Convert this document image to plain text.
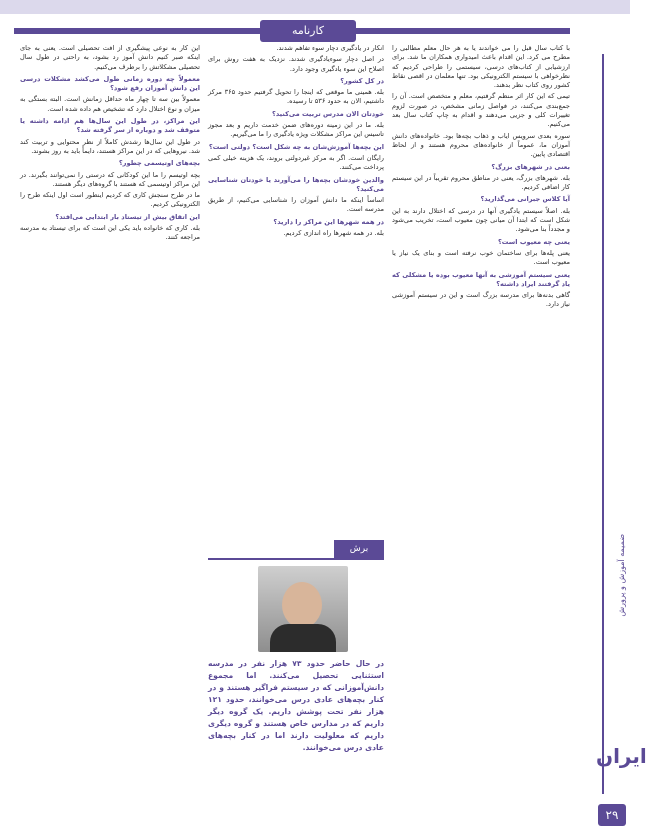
کارنامه
ضمیمه آموزش و پرورش
ایران
۲۹

با کتاب سال قبل را می خواندند یا به هر حال معلم مطالبی را مطرح می کرد. این اقدام باعث امیدواری همکاران ما شد. برای ارزشیابی از کتاب‌های درسی، سیستمی را طراحی کردیم که نظرخواهی با سیستم الکترونیکی بود. تنها معلمان در اقصی نقاط کشور روی کتاب نظر بدهند.

تیمی که این کار اثر منظم گرفتیم، معلم و متخصص است. آن را جمع‌بندی می‌کنند، در فواصل زمانی مشخص، در صورت لزوم تغییرات کلی و جزیی می‌دهند و اقدام به چاپ کتاب سال بعد می‌کنیم.

سوره بعدی سرویس ایاب و ذهاب بچه‌ها بود. خانواده‌های دانش آموزان ما، عموماً از خانواده‌های محروم هستند و از لحاظ اقتصادی پایین.

بعنی در شهرهای بزرگ؟

بله. شهرهای بزرگ، یعنی در مناطق محروم تقریباً در این سیستم کار اضافی کردیم.

آیا کلاس جبرانی می‌گذارید؟

بله. اصلاً سیستم یادگیری آنها در درسی که اختلال دارند به این شکل است که ابتدا آن میانی چون معیوب است، تخریب می‌شود و مجدداً بنا می‌شود.

یعنی چه معیوب است؟

یعنی پله‌ها برای ساختمان خوب نرفته است و بنای یک نیاز یا معیوب است.

یعنی سیستم آموزشی به آنها معیوب بوده یا مشکلی که یاد گرفتند ایراد داشته؟

گاهی بدنه‌ها برای مدرسه بزرگ است و این در سیستم آموزشی نیاز دارد.

انکار در یادگیری دچار سوء تفاهم شدند.

در اصل دچار سوءیادگیری شدند. نزدیک به هفت روش برای اصلاح این سوء یادگیری وجود دارد.

در کل کشور؟

بله. همینی ما موقعی که اینجا را تحویل گرفتیم حدود ۳۶۵ مرکز داشتیم، الان به حدود ۵۳۶ تا رسیده.

خودتان الان مدرس تربیت می‌کنید؟

بله. ما در این زمینه دوره‌های ضمن خدمت داریم و بعد مجوز تاسیس این مراکز مشکلات ویژه یادگیری را ما می‌گیریم.

این بچه‌ها آموزش‌شان به چه شکل است؟ دولتی است؟

رایگان است. اگر به مرکز غیردولتی بروند، یک هزینه خیلی کمی پرداخت می‌کنند.

والدین خودشان بچه‌ها را می‌آورند یا خودتان شناسایی می‌کنید؟

اساساً اینکه ما دانش آموزان را شناسایی می‌کنیم، از طریق مدرسه است.

در همه شهرها این مراکز را دارید؟

بله. در همه شهرها راه اندازی کردیم.

این کار به نوعی پیشگیری از افت تحصیلی است. یعنی به جای اینکه صبر کنیم دانش آموز رد بشود، به راحتی در طول سال تحصیلی مشکلاتش را برطرف می‌کنیم.

معمولاً چه دوره زمانی طول می‌کشد مشکلات درسی این دانش آموزان رفع شود؟

معمولاً بین سه تا چهار ماه حداقل زمانش است. البته بستگی به میزان و نوع اختلال دارد که تشخیص هم داده شده است.

این مراکز، در طول این سال‌ها هم ادامه داشته یا متوقف شد و دوباره از سر گرفته شد؟

در طول این سال‌ها رشدش کاملاً از نظر محتوایی و تربیت کند شد. نیروهایی که در این مراکز هستند، دایماً باید به روز بشوند.

بچه‌های اوتیسمی چطور؟

بچه اوتیسم را ما این کودکانی که درستی را نمی‌توانند بگیرند. در این مراکز اوتیسمی که هستند با گروه‌های دیگر هستند.

ما در طرح سنجش کاری که کردیم اینطور است اول اینکه طرح را الکترونیکی کردیم.

این اتفاق بیش از تیستاد بار ابتدایی می‌افتد؟

بله. کاری که خانواده باید یکی این است که برای تیستاد به مدرسه مراجعه کنند.

برش
در حال حاضر حدود ۷۳ هزار نفر در مدرسه استثنایی تحصیل می‌کنند. اما مجموع دانش‌آموزانی که در سیستم فراگیر هستند و در کنار بچه‌های عادی درس می‌خوانند، حدود ۱۲۱ هزار نفر تحت پوشش داریم. یک گروه دیگر داریم که در مدارس خاص هستند و گروه دیگری داریم که معلولیت دارند اما در کنار بچه‌های عادی درس می‌خوانند.
